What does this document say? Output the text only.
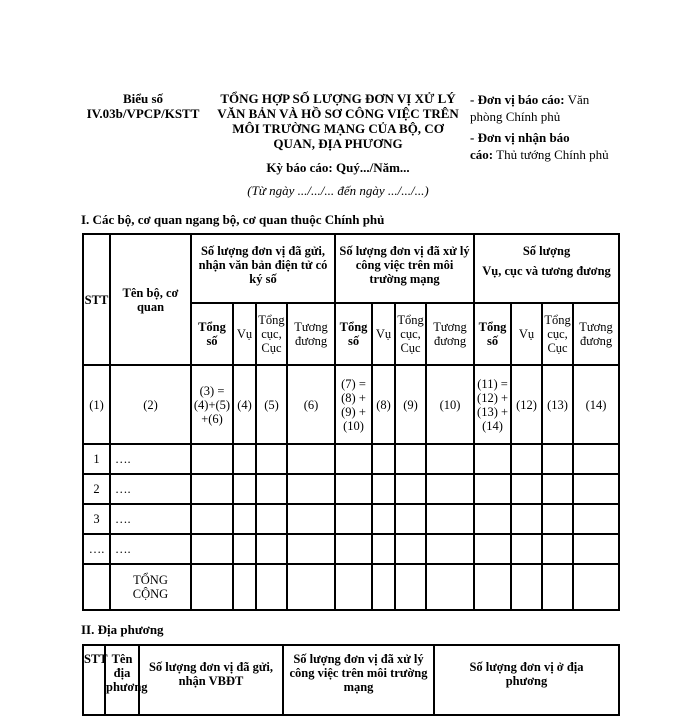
Biểu số
IV.03b/VPCP/KSTT
TỔNG HỢP SỐ LƯỢNG ĐƠN VỊ XỬ LÝ
VĂN BẢN VÀ HỒ SƠ CÔNG VIỆC TRÊN
MÔI TRƯỜNG MẠNG CỦA BỘ, CƠ
QUAN, ĐỊA PHƯƠNG
Kỳ báo cáo: Quý.../Năm...
(Từ ngày .../.../... đến ngày .../.../...)
- Đơn vị báo cáo: Văn
phòng Chính phủ
- Đơn vị nhận báo
cáo: Thủ tướng Chính phủ
I. Các bộ, cơ quan ngang bộ, cơ quan thuộc Chính phủ
STT	Tên bộ, cơ quan	Số lượng đơn vị đã gửi, nhận văn bản điện tử có ký số				Số lượng đơn vị đã xử lý công việc trên môi trường mạng				Số lượng
Vụ, cục và tương đương			

		Tổng số	Vụ	Tổng cục, Cục	Tương đương	Tổng số	Vụ	Tổng cục, Cục	Tương đương	Tổng số	Vụ	Tổng cục, Cục	Tương đương
(1)	(2)	(3) = (4)+(5) +(6)	(4)	(5)	(6)	(7) = (8) + (9) + (10)	(8)	(9)	(10)	(11) = (12) + (13) + (14)	(12)	(13)	(14)
1	….												
2	….												
3	….												
….	….												
	TỔNG CỘNG												
II. Địa phương
STT	Tên địa phương	Số lượng đơn vị đã gửi, nhận VBĐT	Số lượng đơn vị đã xử lý công việc trên môi trường mạng	Số lượng đơn vị ở địa phương
